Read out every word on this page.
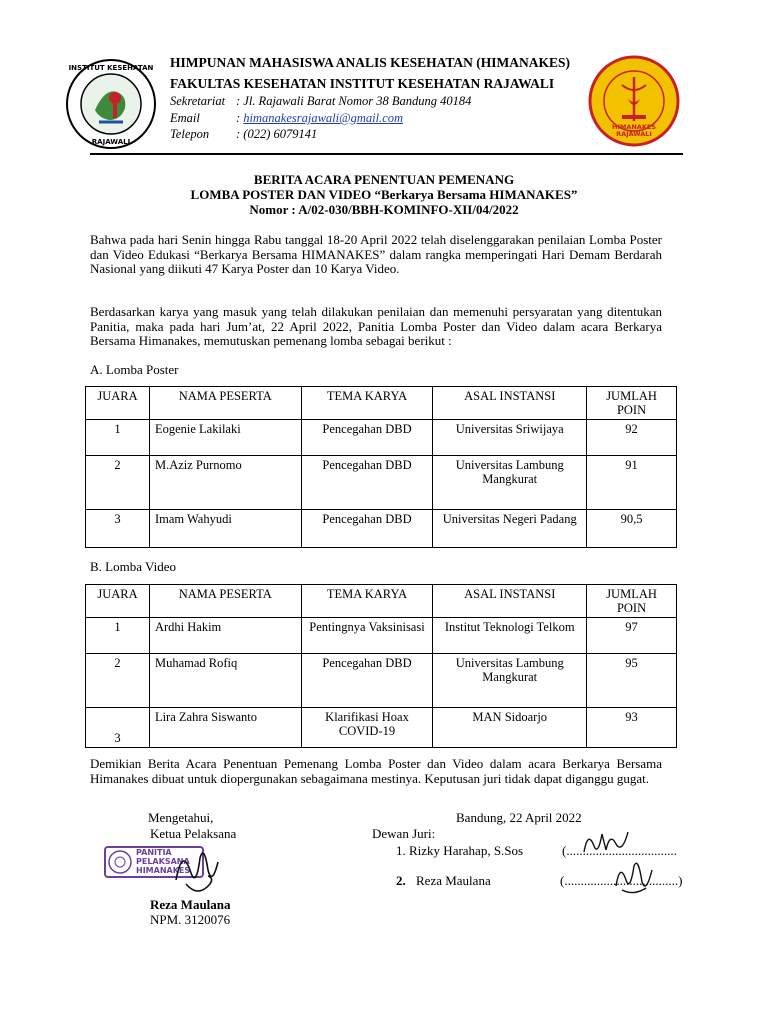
INSTITUT KESEHATAN
RAJAWALI
HIMPUNAN MAHASISWA ANALIS KESEHATAN (HIMANAKES)
FAKULTAS KESEHATAN INSTITUT KESEHATAN RAJAWALI
Sekretariat : Jl. Rajawali Barat Nomor 38 Bandung 40184
Email	: himanakesrajawali@gmail.com
Telepon	: (022) 6079141	HIMANAKES
RAJAWALI
BERITA ACARA PENENTUAN PEMENANG
LOMBA POSTER DAN VIDEO “Berkarya Bersama HIMANAKES”
Nomor : A/02-030/BBH-KOMINFO-XII/04/2022
Bahwa pada hari Senin hingga Rabu tanggal 18-20 April 2022 telah diselenggarakan penilaian Lomba Poster dan Video Edukasi “Berkarya Bersama HIMANAKES” dalam rangka memperingati Hari Demam Berdarah Nasional yang diikuti 47 Karya Poster dan 10 Karya Video.
Berdasarkan karya yang masuk yang telah dilakukan penilaian dan memenuhi persyaratan yang ditentukan Panitia, maka pada hari Jum’at, 22 April 2022, Panitia Lomba Poster dan Video dalam acara Berkarya Bersama Himanakes, memutuskan pemenang lomba sebagai berikut :
A. Lomba Poster
JUARA	NAMA PESERTA	TEMA KARYA	ASAL INSTANSI	JUMLAH POIN
1	Eogenie Lakilaki	Pencegahan DBD	Universitas Sriwijaya	92
2	M.Aziz Purnomo	Pencegahan DBD	Universitas Lambung Mangkurat	91
3	Imam Wahyudi	Pencegahan DBD	Universitas Negeri Padang	90,5
B. Lomba Video
JUARA	NAMA PESERTA	TEMA KARYA	ASAL INSTANSI	JUMLAH POIN
1	Ardhi Hakim	Pentingnya Vaksinisasi	Institut Teknologi Telkom	97
2	Muhamad Rofiq	Pencegahan DBD	Universitas Lambung Mangkurat	95
3	Lira Zahra Siswanto	Klarifikasi Hoax COVID-19	MAN Sidoarjo	93
Demikian Berita Acara Penentuan Pemenang Lomba Poster dan Video dalam acara Berkarya Bersama Himanakes dibuat untuk diopergunakan sebagaimana mestinya. Keputusan juri tidak dapat diganggu gugat.
Mengetahui,
Ketua Pelaksana
PANITIA PELAKSANA HIMANAKES
Reza Maulana
NPM. 3120076
Bandung, 22 April 2022
Dewan Juri:
1. Rizky Harahap, S.Sos	(..................................
2. Reza Maulana	(...................................)
